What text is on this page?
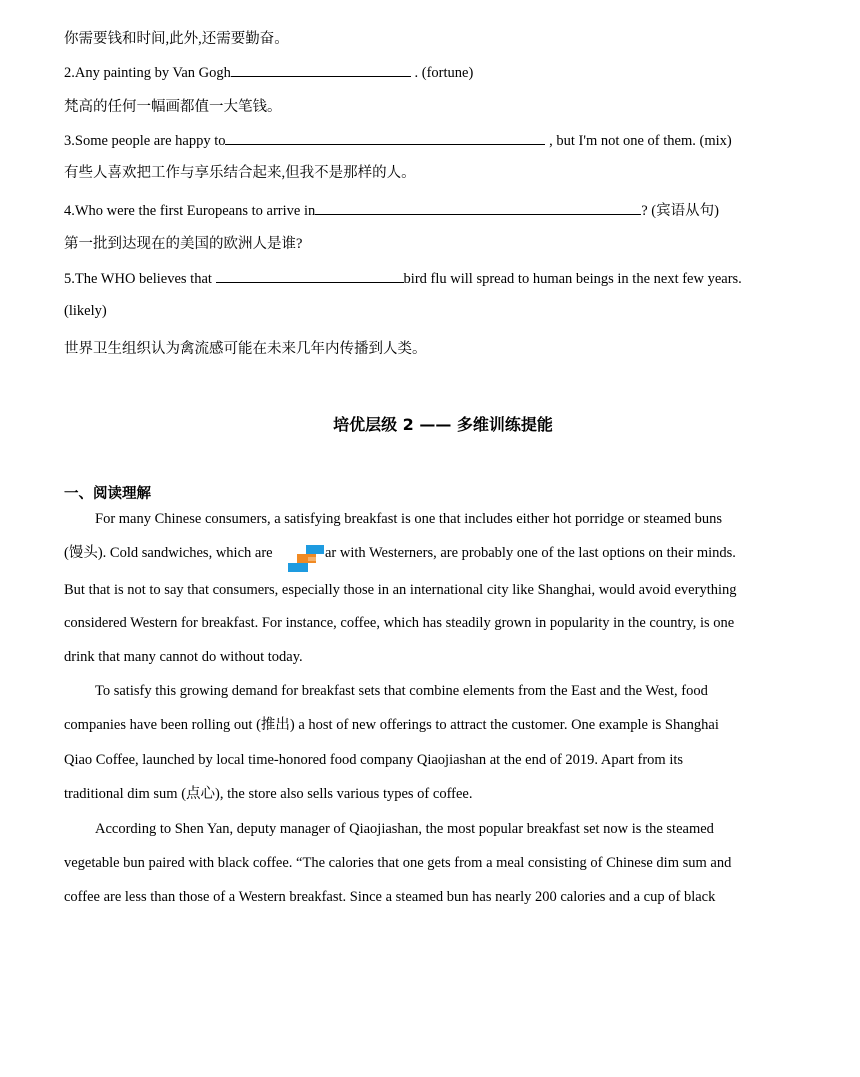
你需要钱和时间,此外,还需要勤奋。
2.Any painting by Van Gogh	. (fortune)
梵高的任何一幅画都值一大笔钱。
3.Some people are happy to	, but I'm not one of them. (mix)
有些人喜欢把工作与享乐结合起来,但我不是那样的人。
4.Who were the first Europeans to arrive in	? (宾语从句)
第一批到达现在的美国的欧洲人是谁?
5.The WHO believes that	bird flu will spread to human beings in the next few years.
(likely)
世界卫生组织认为禽流感可能在未来几年内传播到人类。
培优层级 2 —— 多维训练提能
一、阅读理解
For many Chinese consumers, a satisfying breakfast is one that includes either hot porridge or steamed buns
(馒头). Cold sandwiches, which are	ar with Westerners, are probably one of the last options on their minds.
But that is not to say that consumers, especially those in an international city like Shanghai, would avoid everything
considered Western for breakfast. For instance, coffee, which has steadily grown in popularity in the country, is one
drink that many cannot do without today.
To satisfy this growing demand for breakfast sets that combine elements from the East and the West, food
companies have been rolling out (推出) a host of new offerings to attract the customer. One example is Shanghai
Qiao Coffee, launched by local time-honored food company Qiaojiashan at the end of 2019. Apart from its
traditional dim sum (点心), the store also sells various types of coffee.
According to Shen Yan, deputy manager of Qiaojiashan, the most popular breakfast set now is the steamed
vegetable bun paired with black coffee. “The calories that one gets from a meal consisting of Chinese dim sum and
coffee are less than those of a Western breakfast. Since a steamed bun has nearly 200 calories and a cup of black
